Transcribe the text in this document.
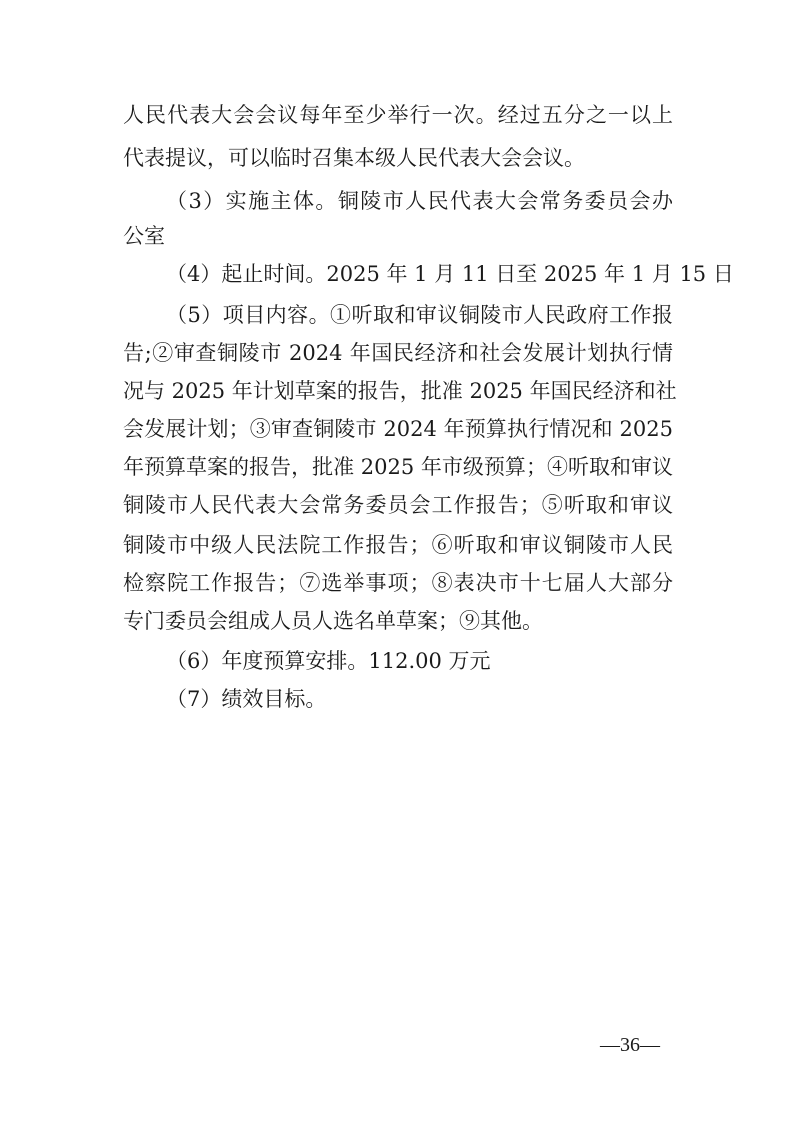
人民代表大会会议每年至少举行一次。经过五分之一以上
代表提议，可以临时召集本级人民代表大会会议。
（3）实施主体。铜陵市人民代表大会常务委员会办
公室
（4）起止时间。2025 年 1 月 11 日至 2025 年 1 月 15 日
（5）项目内容。①听取和审议铜陵市人民政府工作报
告;②审查铜陵市 2024 年国民经济和社会发展计划执行情
况与 2025 年计划草案的报告，批准 2025 年国民经济和社
会发展计划；③审查铜陵市 2024 年预算执行情况和 2025
年预算草案的报告，批准 2025 年市级预算；④听取和审议
铜陵市人民代表大会常务委员会工作报告；⑤听取和审议
铜陵市中级人民法院工作报告；⑥听取和审议铜陵市人民
检察院工作报告；⑦选举事项；⑧表决市十七届人大部分
专门委员会组成人员人选名单草案；⑨其他。
（6）年度预算安排。112.00 万元
（7）绩效目标。
—36—
